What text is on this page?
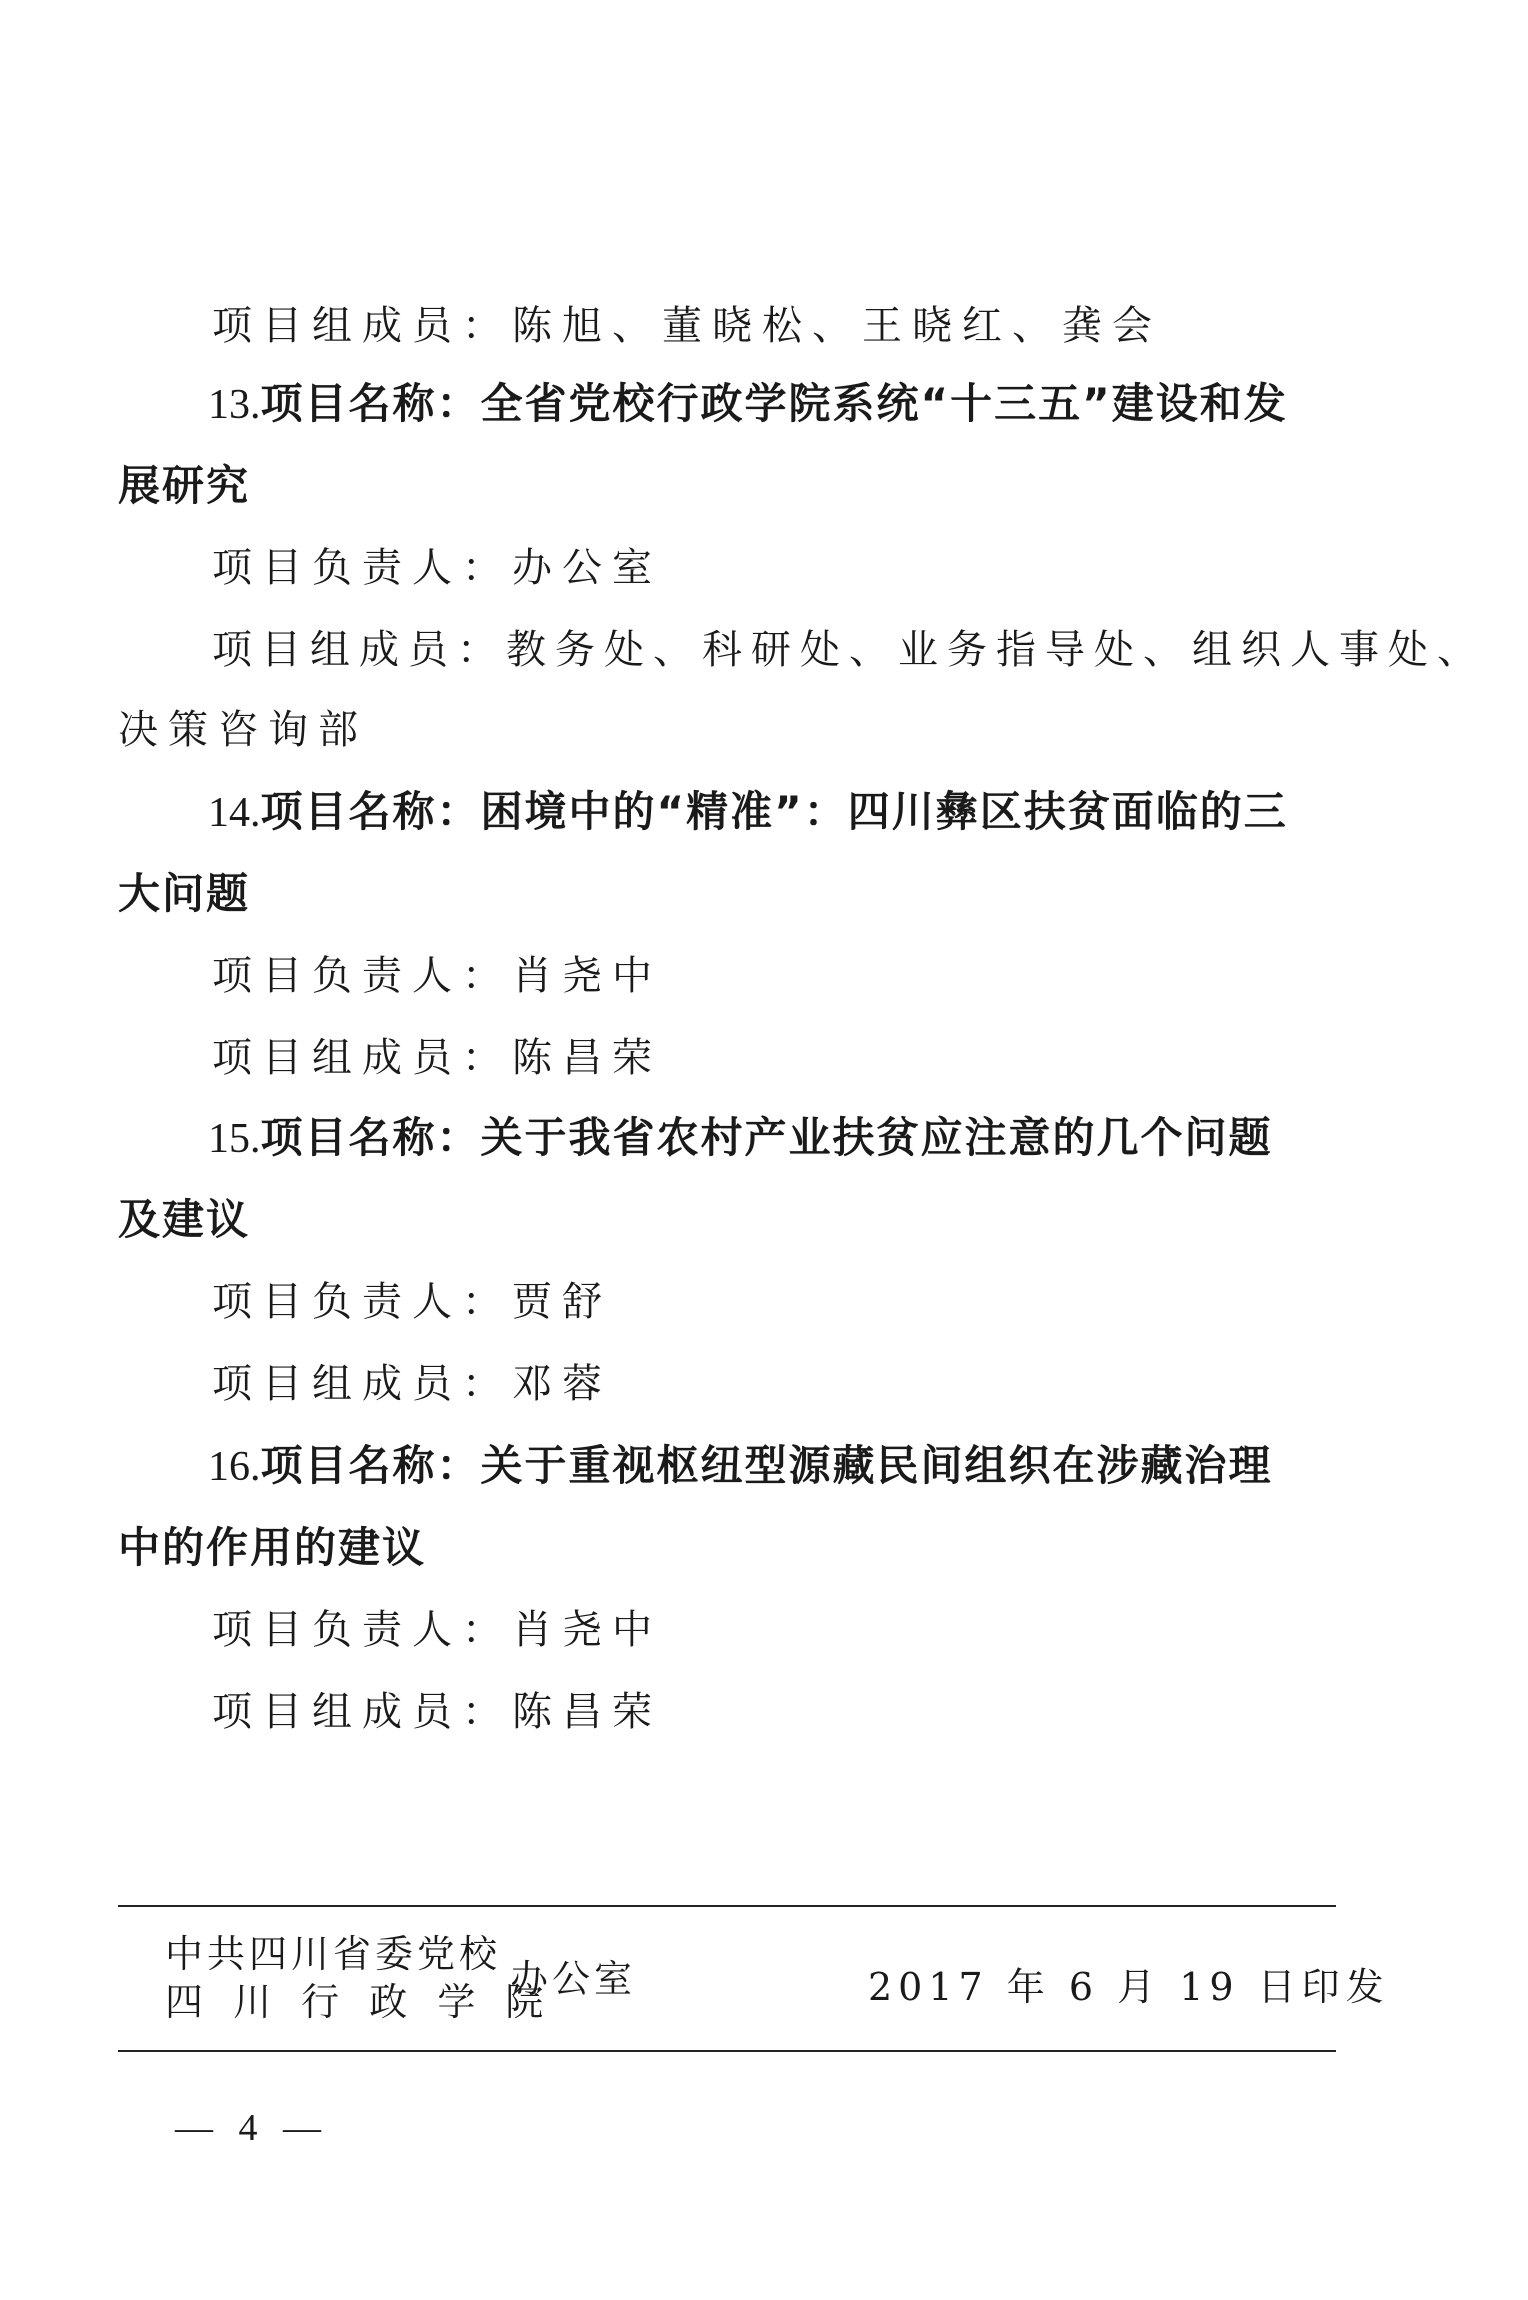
项目组成员：陈旭、董晓松、王晓红、龚会
13.项目名称：全省党校行政学院系统“十三五”建设和发
展研究
项目负责人：办公室
项目组成员：教务处、科研处、业务指导处、组织人事处、
决策咨询部
14.项目名称：困境中的“精准”：四川彝区扶贫面临的三
大问题
项目负责人：肖尧中
项目组成员：陈昌荣
15.项目名称：关于我省农村产业扶贫应注意的几个问题
及建议
项目负责人：贾舒
项目组成员：邓蓉
16.项目名称：关于重视枢纽型源藏民间组织在涉藏治理
中的作用的建议
项目负责人：肖尧中
项目组成员：陈昌荣
中共四川省委党校
四 川 行 政 学 院
办公室	2017 年 6 月 19 日印发
— 4 —
